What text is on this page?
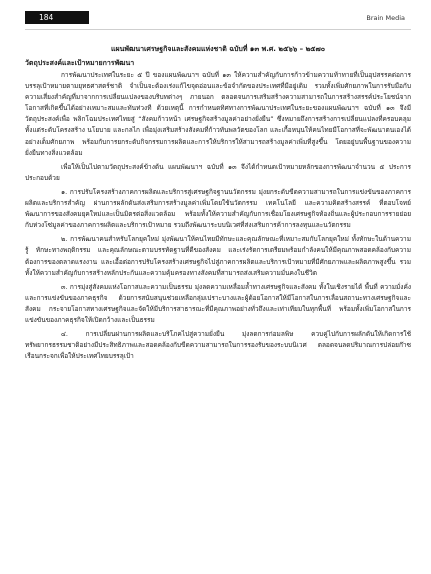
184	Brain Media
แผนพัฒนาเศรษฐกิจและสังคมแห่งชาติ ฉบับที่ ๑๓ พ.ศ. ๒๕๖๖ – ๒๕๗๐
วัตถุประสงค์และเป้าหมายการพัฒนา

การพัฒนาประเทศในระยะ ๕ ปี ของแผนพัฒนาฯ ฉบับที่ ๑๓ ให้ความสำคัญกับการก้าวข้ามความท้าทายที่เป็นอุปสรรคต่อการบรรลุเป้าหมายตามยุทธศาสตร์ชาติ จำเป็นจะต้องเร่งแก้ไขจุดอ่อนและข้อจำกัดของประเทศที่มีอยู่เดิม รวมทั้งเพิ่มศักยภาพในการรับมือกับความเสี่ยงสำคัญที่มาจากการเปลี่ยนแปลงของบริบทต่างๆ ภายนอก ตลอดจนการเสริมสร้างความสามารถในการสร้างสรรค์ประโยชน์จากโอกาสที่เกิดขึ้นได้อย่างเหมาะสมและทันท่วงที ด้วยเหตุนี้ การกำหนดทิศทางการพัฒนาประเทศในระยะของแผนพัฒนาฯ ฉบับที่ ๑๓ จึงมีวัตถุประสงค์เพื่อ พลิกโฉมประเทศไทยสู่ “สังคมก้าวหน้า เศรษฐกิจสร้างมูลค่าอย่างยั่งยืน” ซึ่งหมายถึงการสร้างการเปลี่ยนแปลงที่ครอบคลุมทั้งแต่ระดับโครงสร้าง นโยบาย และกลไก เพื่อมุ่งเสริมสร้างสังคมที่ก้าวทันพลวัตของโลก และเกื้อหนุนให้คนไทยมีโอกาสที่จะพัฒนาตนเองได้อย่างเต็มศักยภาพ พร้อมกับการยกระดับกิจกรรมการผลิตและการให้บริการให้สามารถสร้างมูลค่าเพิ่มที่สูงขึ้น โดยอยู่บนพื้นฐานของความยั่งยืนทางสิ่งแวดล้อม

เพื่อให้เป็นไปตามวัตถุประสงค์ข้างต้น แผนพัฒนาฯ ฉบับที่ ๑๓ จึงได้กำหนดเป้าหมายหลักของการพัฒนาจำนวน ๕ ประการ ประกอบด้วย

๑. การปรับโครงสร้างภาคการผลิตและบริการสู่เศรษฐกิจฐานนวัตกรรม มุ่งยกระดับขีดความสามารถในการแข่งขันของภาคการผลิตและบริการสำคัญ ผ่านการผลักดันส่งเสริมการสร้างมูลค่าเพิ่มโดยใช้นวัตกรรม เทคโนโลยี และความคิดสร้างสรรค์ ที่ตอบโจทย์พัฒนาการของสังคมยุคใหม่และเป็นมิตรต่อสิ่งแวดล้อม พร้อมทั้งให้ความสำคัญกับการเชื่อมโยงเศรษฐกิจท้องถิ่นและผู้ประกอบการรายย่อยกับห่วงโซ่มูลค่าของภาคการผลิตและบริการเป้าหมาย รวมถึงพัฒนาระบบนิเวศที่ส่งเสริมการค้าการลงทุนและนวัตกรรม

๒. การพัฒนาคนสำหรับโลกยุคใหม่ มุ่งพัฒนาให้คนไทยมีทักษะและคุณลักษณะที่เหมาะสมกับโลกยุคใหม่ ทั้งทักษะในด้านความรู้ ทักษะทางพฤติกรรม และคุณลักษณะตามบรรทัดฐานที่ดีของสังคม และเร่งรัดการเตรียมพร้อมกำลังคนให้มีคุณภาพสอดคล้องกับความต้องการของตลาดแรงงาน และเอื้อต่อการปรับโครงสร้างเศรษฐกิจไปสู่ภาคการผลิตและบริการเป้าหมายที่มีศักยภาพและผลิตภาพสูงขึ้น รวมทั้งให้ความสำคัญกับการสร้างหลักประกันและความคุ้มครองทางสังคมที่สามารถส่งเสริมความมั่นคงในชีวิต

๓. การมุ่งสู่สังคมแห่งโอกาสและความเป็นธรรม มุ่งลดความเหลื่อมล้ำทางเศรษฐกิจและสังคม ทั้งในเชิงรายได้ พื้นที่ ความมั่งคั่ง และการแข่งขันของภาคธุรกิจ ด้วยการสนับสนุนช่วยเหลือกลุ่มเปราะบางและผู้ด้อยโอกาสให้มีโอกาสในการเลื่อนสถานะทางเศรษฐกิจและสังคม กระจายโอกาสทางเศรษฐกิจและจัดให้มีบริการสาธารณะที่มีคุณภาพอย่างทั่วถึงและเท่าเทียมในทุกพื้นที่ พร้อมทั้งเพิ่มโอกาสในการแข่งขันของภาคธุรกิจให้เปิดกว้างและเป็นธรรม

๔. การเปลี่ยนผ่านการผลิตและบริโภคไปสู่ความยั่งยืน มุ่งลดการก่อมลพิษ ควบคู่ไปกับการผลักดันให้เกิดการใช้ทรัพยากรธรรมชาติอย่างมีประสิทธิภาพและสอดคล้องกับขีดความสามารถในการรองรับของระบบนิเวศ ตลอดจนลดปริมาณการปล่อยก๊าซเรือนกระจกเพื่อให้ประเทศไทยบรรลุเป้า
